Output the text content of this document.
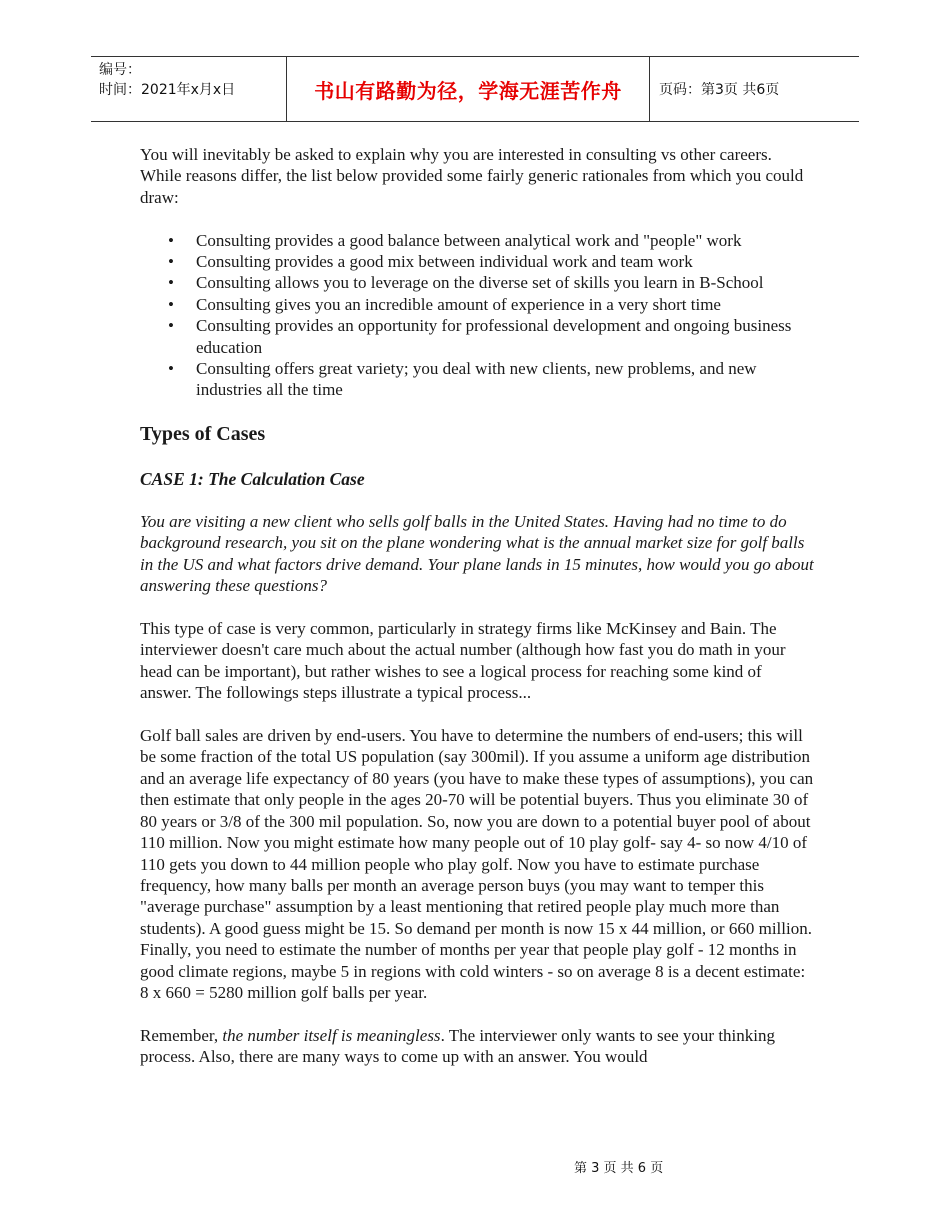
编号：
时间：2021年x月x日	书山有路勤为径，学海无涯苦作舟	页码：第3页 共6页

You will inevitably be asked to explain why you are interested in consulting vs other careers. While reasons differ, the list below provided some fairly generic rationales from which you could draw:

• Consulting provides a good balance between analytical work and "people" work
• Consulting provides a good mix between individual work and team work
• Consulting allows you to leverage on the diverse set of skills you learn in B-School
• Consulting gives you an incredible amount of experience in a very short time
• Consulting provides an opportunity for professional development and ongoing business education
• Consulting offers great variety; you deal with new clients, new problems, and new industries all the time
Types of Cases
CASE 1: The Calculation Case

You are visiting a new client who sells golf balls in the United States. Having had no time to do background research, you sit on the plane wondering what is the annual market size for golf balls in the US and what factors drive demand. Your plane lands in 15 minutes, how would you go about answering these questions?

This type of case is very common, particularly in strategy firms like McKinsey and Bain. The interviewer doesn't care much about the actual number (although how fast you do math in your head can be important), but rather wishes to see a logical process for reaching some kind of answer. The followings steps illustrate a typical process...

Golf ball sales are driven by end-users. You have to determine the numbers of end-users; this will be some fraction of the total US population (say 300mil). If you assume a uniform age distribution and an average life expectancy of 80 years (you have to make these types of assumptions), you can then estimate that only people in the ages 20-70 will be potential buyers. Thus you eliminate 30 of 80 years or 3/8 of the 300 mil population. So, now you are down to a potential buyer pool of about 110 million. Now you might estimate how many people out of 10 play golf- say 4- so now 4/10 of 110 gets you down to 44 million people who play golf. Now you have to estimate purchase frequency, how many balls per month an average person buys (you may want to temper this "average purchase" assumption by a least mentioning that retired people play much more than students). A good guess might be 15. So demand per month is now 15 x 44 million, or 660 million. Finally, you need to estimate the number of months per year that people play golf - 12 months in good climate regions, maybe 5 in regions with cold winters - so on average 8 is a decent estimate: 8 x 660 = 5280 million golf balls per year.

Remember, the number itself is meaningless. The interviewer only wants to see your thinking process. Also, there are many ways to come up with an answer. You would

第 3 页 共 6 页
